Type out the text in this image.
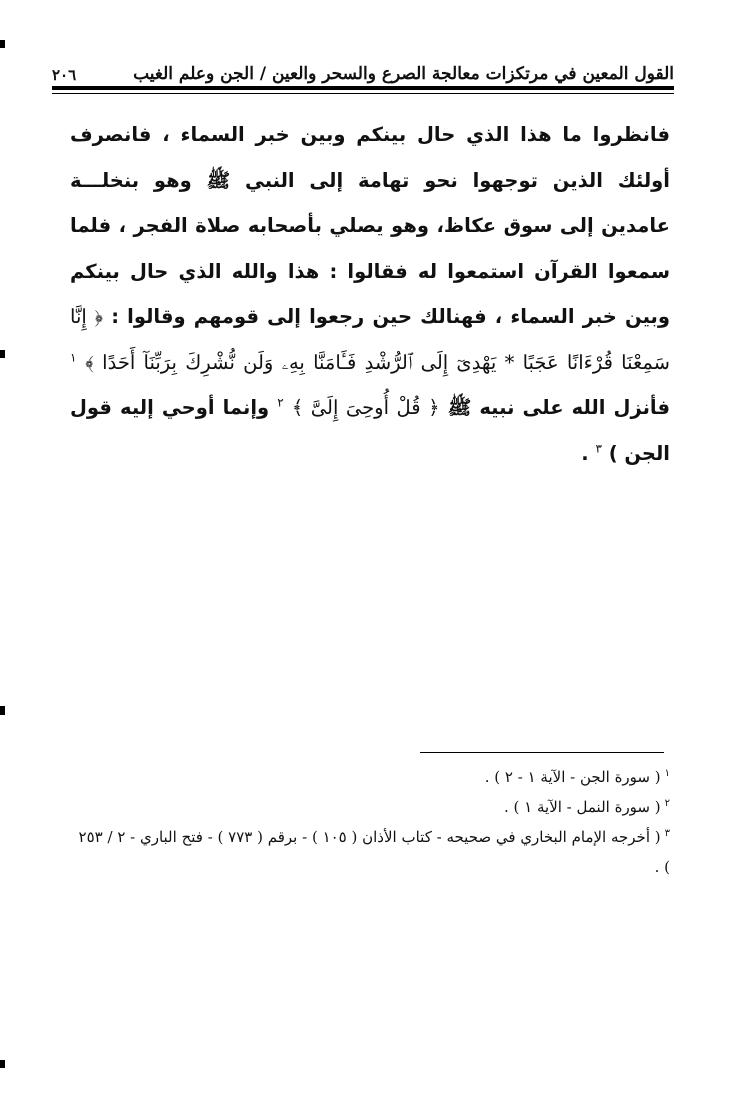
القول المعين في مرتكزات معالجة الصرع والسحر والعين / الجن وعلم الغيب
٢٠٦
فانظروا ما هذا الذي حال بينكم وبين خبر السماء ، فانصرف أولئك الذين توجهوا نحو تهامة إلى النبي ﷺ وهو بنخلـــة عامدين إلى سوق عكاظ، وهو يصلي بأصحابه صلاة الفجر ، فلما سمعوا القرآن استمعوا له فقالوا : هذا والله الذي حال بينكم وبين خبر السماء ، فهنالك حين رجعوا إلى قومهم وقالوا : ﴿ إِنَّا سَمِعْنَا قُرْءَانًا عَجَبًا * يَهْدِىٓ إِلَى ٱلرُّشْدِ فَـَٔامَنَّا بِهِۦ وَلَن نُّشْرِكَ بِرَبِّنَآ أَحَدًا ﴾ $^١$ فأنزل الله على نبيه ﷺ ﴿ قُلْ أُوحِىَ إِلَىَّ ﴾ $^٢$ وإنما أوحي إليه قول الجن ) $^٣$ .

$^١$( سورة الجن - الآية ١ - ٢ ) .

$^٢$( سورة النمل - الآية ١ ) .

$^٣$( أخرجه الإمام البخاري في صحيحه - كتاب الأذان ( ١٠٥ ) - برقم ( ٧٧٣ ) - فتح الباري - ٢ / ٢٥٣ ) .
